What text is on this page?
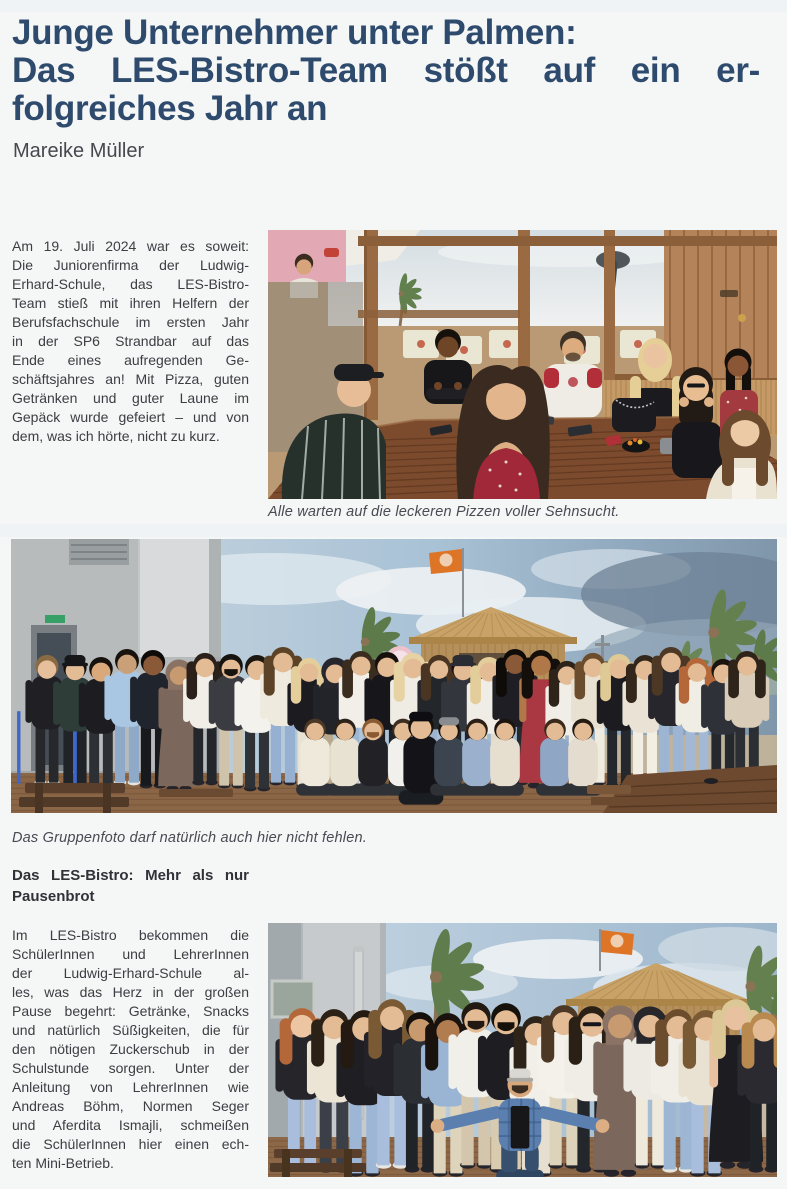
Junge Unternehmer unter Palmen:
Das LES-Bistro-Team stößt auf ein er-
folgreiches Jahr an
Mareike Müller
Am 19. Juli 2024 war es soweit:
Die Juniorenfirma der Ludwig-
Erhard-Schule, das LES-Bistro-
Team stieß mit ihren Helfern der
Berufsfachschule im ersten Jahr
in der SP6 Strandbar auf das
Ende eines aufregenden Ge-
schäftsjahres an! Mit Pizza, guten
Getränken und guter Laune im
Gepäck wurde gefeiert – und von
dem, was ich hörte, nicht zu kurz.
Alle warten auf die leckeren Pizzen voller Sehnsucht.
Das Gruppenfoto darf natürlich auch hier nicht fehlen.
Das LES-Bistro: Mehr als nur
Pausenbrot
Im LES-Bistro bekommen die
SchülerInnen und LehrerInnen
der Ludwig-Erhard-Schule al-
les, was das Herz in der großen
Pause begehrt: Getränke, Snacks
und natürlich Süßigkeiten, die für
den nötigen Zuckerschub in der
Schulstunde sorgen. Unter der
Anleitung von LehrerInnen wie
Andreas Böhm, Normen Seger
und Aferdita Ismajli, schmeißen
die SchülerInnen hier einen ech-
ten Mini-Betrieb.
